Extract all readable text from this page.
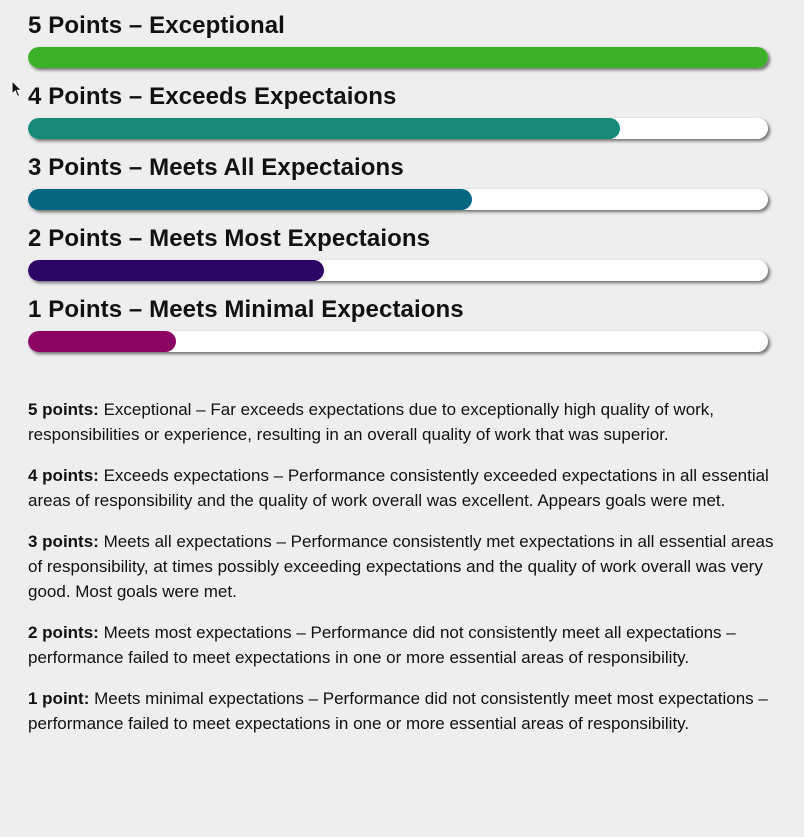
5 Points – Exceptional
4 Points – Exceeds Expectaions
3 Points – Meets All Expectaions
2 Points – Meets Most Expectaions
1 Points – Meets Minimal Expectaions

5 points: Exceptional – Far exceeds expectations due to exceptionally high quality of work, responsibilities or experience, resulting in an overall quality of work that was superior.

4 points: Exceeds expectations – Performance consistently exceeded expectations in all essential areas of responsibility and the quality of work overall was excellent. Appears goals were met.

3 points: Meets all expectations – Performance consistently met expectations in all essential areas of responsibility, at times possibly exceeding expectations and the quality of work overall was very good. Most goals were met.

2 points: Meets most expectations – Performance did not consistently meet all expectations – performance failed to meet expectations in one or more essential areas of responsibility.

1 point: Meets minimal expectations – Performance did not consistently meet most expectations – performance failed to meet expectations in one or more essential areas of responsibility.
